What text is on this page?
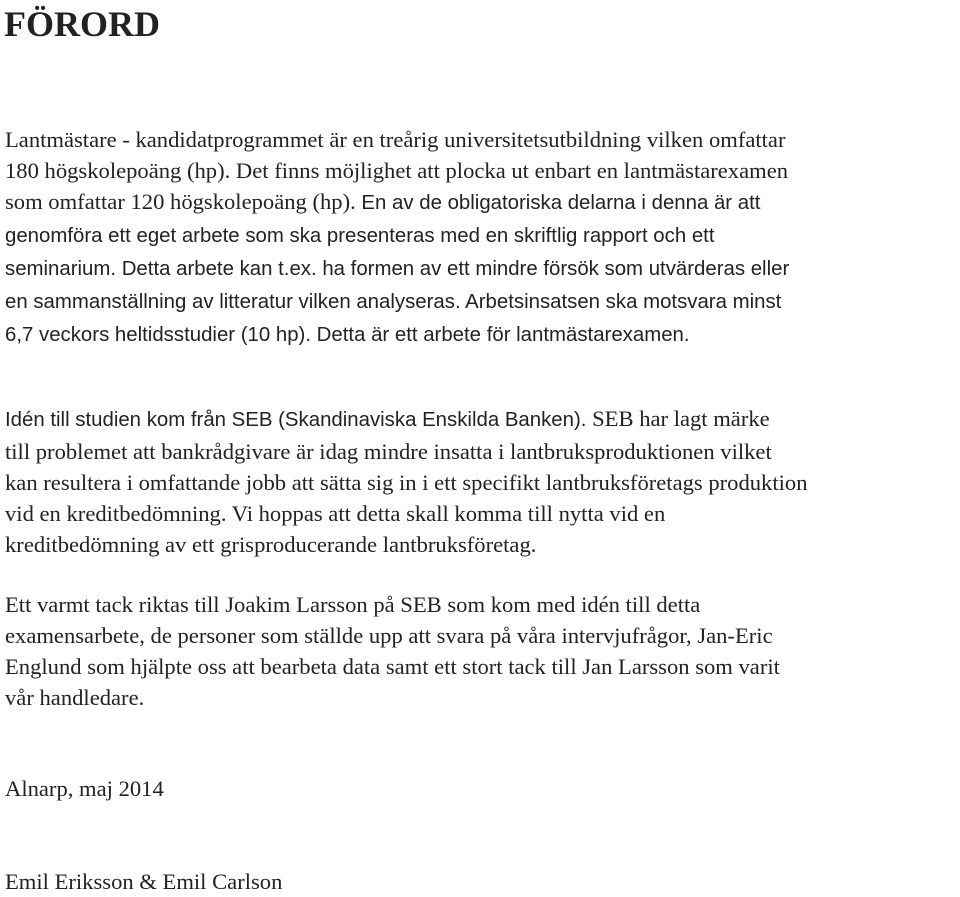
FÖRORD

Lantmästare - kandidatprogrammet är en treårig universitetsutbildning vilken omfattar
180 högskolepoäng (hp). Det finns möjlighet att plocka ut enbart en lantmästarexamen
som omfattar 120 högskolepoäng (hp). En av de obligatoriska delarna i denna är att
genomföra ett eget arbete som ska presenteras med en skriftlig rapport och ett
seminarium. Detta arbete kan t.ex. ha formen av ett mindre försök som utvärderas eller
en sammanställning av litteratur vilken analyseras. Arbetsinsatsen ska motsvara minst
6,7 veckors heltidsstudier (10 hp). Detta är ett arbete för lantmästarexamen.

Idén till studien kom från SEB (Skandinaviska Enskilda Banken). SEB har lagt märke
till problemet att bankrådgivare är idag mindre insatta i lantbruksproduktionen vilket
kan resultera i omfattande jobb att sätta sig in i ett specifikt lantbruksföretags produktion
vid en kreditbedömning. Vi hoppas att detta skall komma till nytta vid en
kreditbedömning av ett grisproducerande lantbruksföretag.

Ett varmt tack riktas till Joakim Larsson på SEB som kom med idén till detta
examensarbete, de personer som ställde upp att svara på våra intervjufrågor, Jan-Eric
Englund som hjälpte oss att bearbeta data samt ett stort tack till Jan Larsson som varit
vår handledare.

Alnarp, maj 2014

Emil Eriksson & Emil Carlson
